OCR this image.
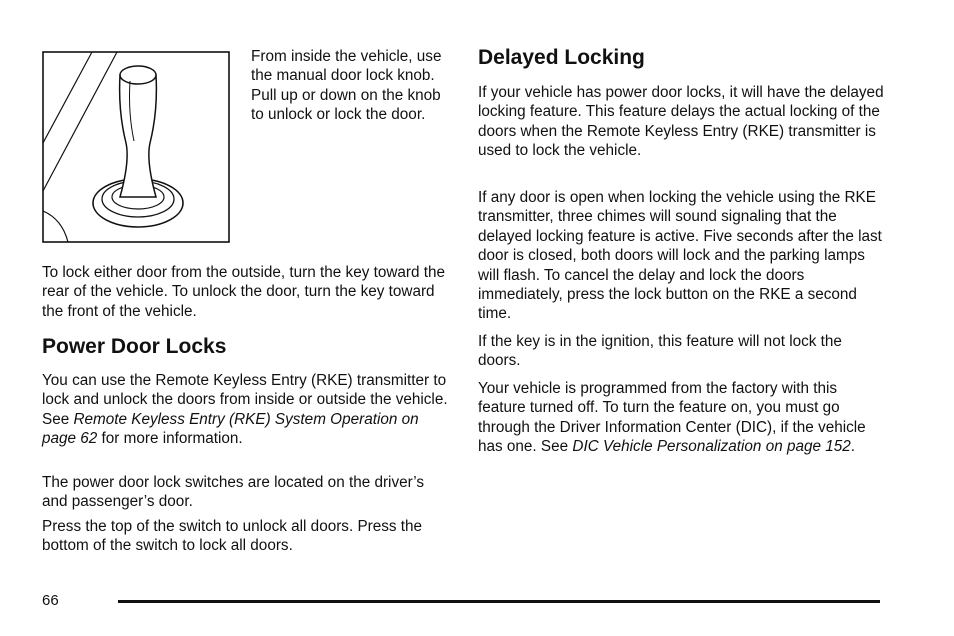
From inside the vehicle, use the manual door lock knob. Pull up or down on the knob to unlock or lock the door.

To lock either door from the outside, turn the key toward the rear of the vehicle. To unlock the door, turn the key toward the front of the vehicle.

Power Door Locks

You can use the Remote Keyless Entry (RKE) transmitter to lock and unlock the doors from inside or outside the vehicle. See Remote Keyless Entry (RKE) System Operation on page 62 for more information.

The power door lock switches are located on the driver’s and passenger’s door.

Press the top of the switch to unlock all doors. Press the bottom of the switch to lock all doors.

Delayed Locking

If your vehicle has power door locks, it will have the delayed locking feature. This feature delays the actual locking of the doors when the Remote Keyless Entry (RKE) transmitter is used to lock the vehicle.

If any door is open when locking the vehicle using the RKE transmitter, three chimes will sound signaling that the delayed locking feature is active. Five seconds after the last door is closed, both doors will lock and the parking lamps will flash. To cancel the delay and lock the doors immediately, press the lock button on the RKE a second time.

If the key is in the ignition, this feature will not lock the doors.

Your vehicle is programmed from the factory with this feature turned off. To turn the feature on, you must go through the Driver Information Center (DIC), if the vehicle has one. See DIC Vehicle Personalization on page 152.

66
